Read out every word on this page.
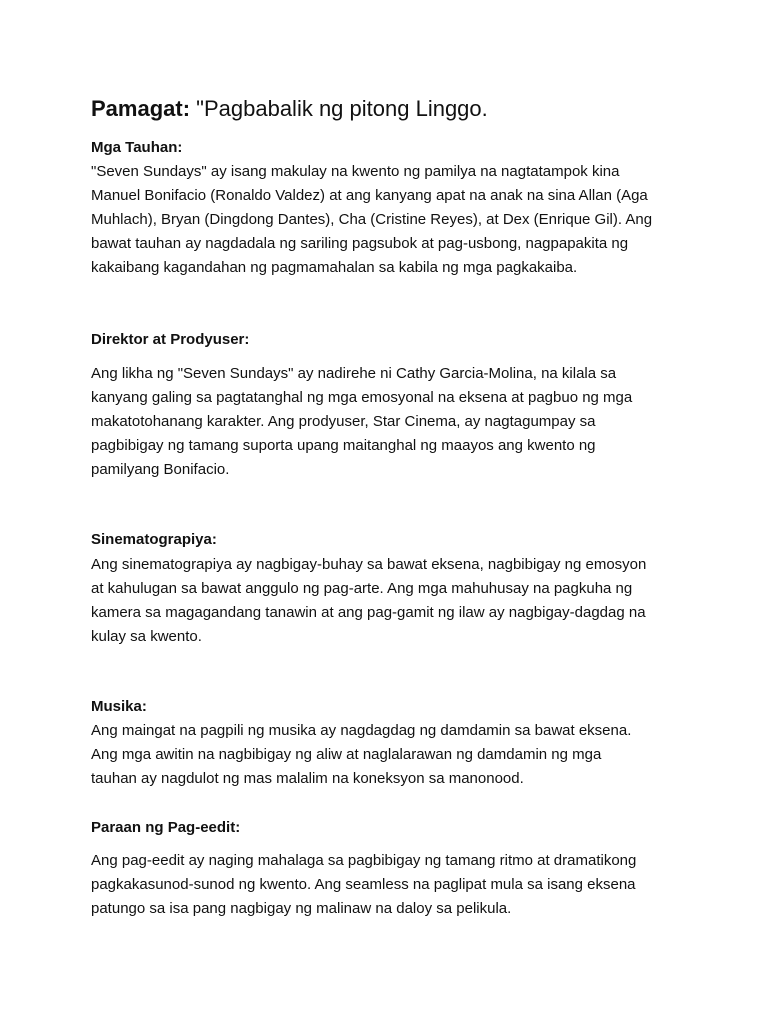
Pamagat: "Pagbabalik ng pitong Linggo.
Mga Tauhan:

"Seven Sundays" ay isang makulay na kwento ng pamilya na nagtatampok kina
Manuel Bonifacio (Ronaldo Valdez) at ang kanyang apat na anak na sina Allan (Aga
Muhlach), Bryan (Dingdong Dantes), Cha (Cristine Reyes), at Dex (Enrique Gil). Ang
bawat tauhan ay nagdadala ng sariling pagsubok at pag-usbong, nagpapakita ng
kakaibang kagandahan ng pagmamahalan sa kabila ng mga pagkakaiba.

Direktor at Prodyuser:

Ang likha ng "Seven Sundays" ay nadirehe ni Cathy Garcia-Molina, na kilala sa
kanyang galing sa pagtatanghal ng mga emosyonal na eksena at pagbuo ng mga
makatotohanang karakter. Ang prodyuser, Star Cinema, ay nagtagumpay sa
pagbibigay ng tamang suporta upang maitanghal ng maayos ang kwento ng
pamilyang Bonifacio.

Sinematograpiya:

Ang sinematograpiya ay nagbigay-buhay sa bawat eksena, nagbibigay ng emosyon
at kahulugan sa bawat anggulo ng pag-arte. Ang mga mahuhusay na pagkuha ng
kamera sa magagandang tanawin at ang pag-gamit ng ilaw ay nagbigay-dagdag na
kulay sa kwento.

Musika:

Ang maingat na pagpili ng musika ay nagdagdag ng damdamin sa bawat eksena.
Ang mga awitin na nagbibigay ng aliw at naglalarawan ng damdamin ng mga
tauhan ay nagdulot ng mas malalim na koneksyon sa manonood.

Paraan ng Pag-eedit:

Ang pag-eedit ay naging mahalaga sa pagbibigay ng tamang ritmo at dramatikong
pagkakasunod-sunod ng kwento. Ang seamless na paglipat mula sa isang eksena
patungo sa isa pang nagbigay ng malinaw na daloy sa pelikula.
